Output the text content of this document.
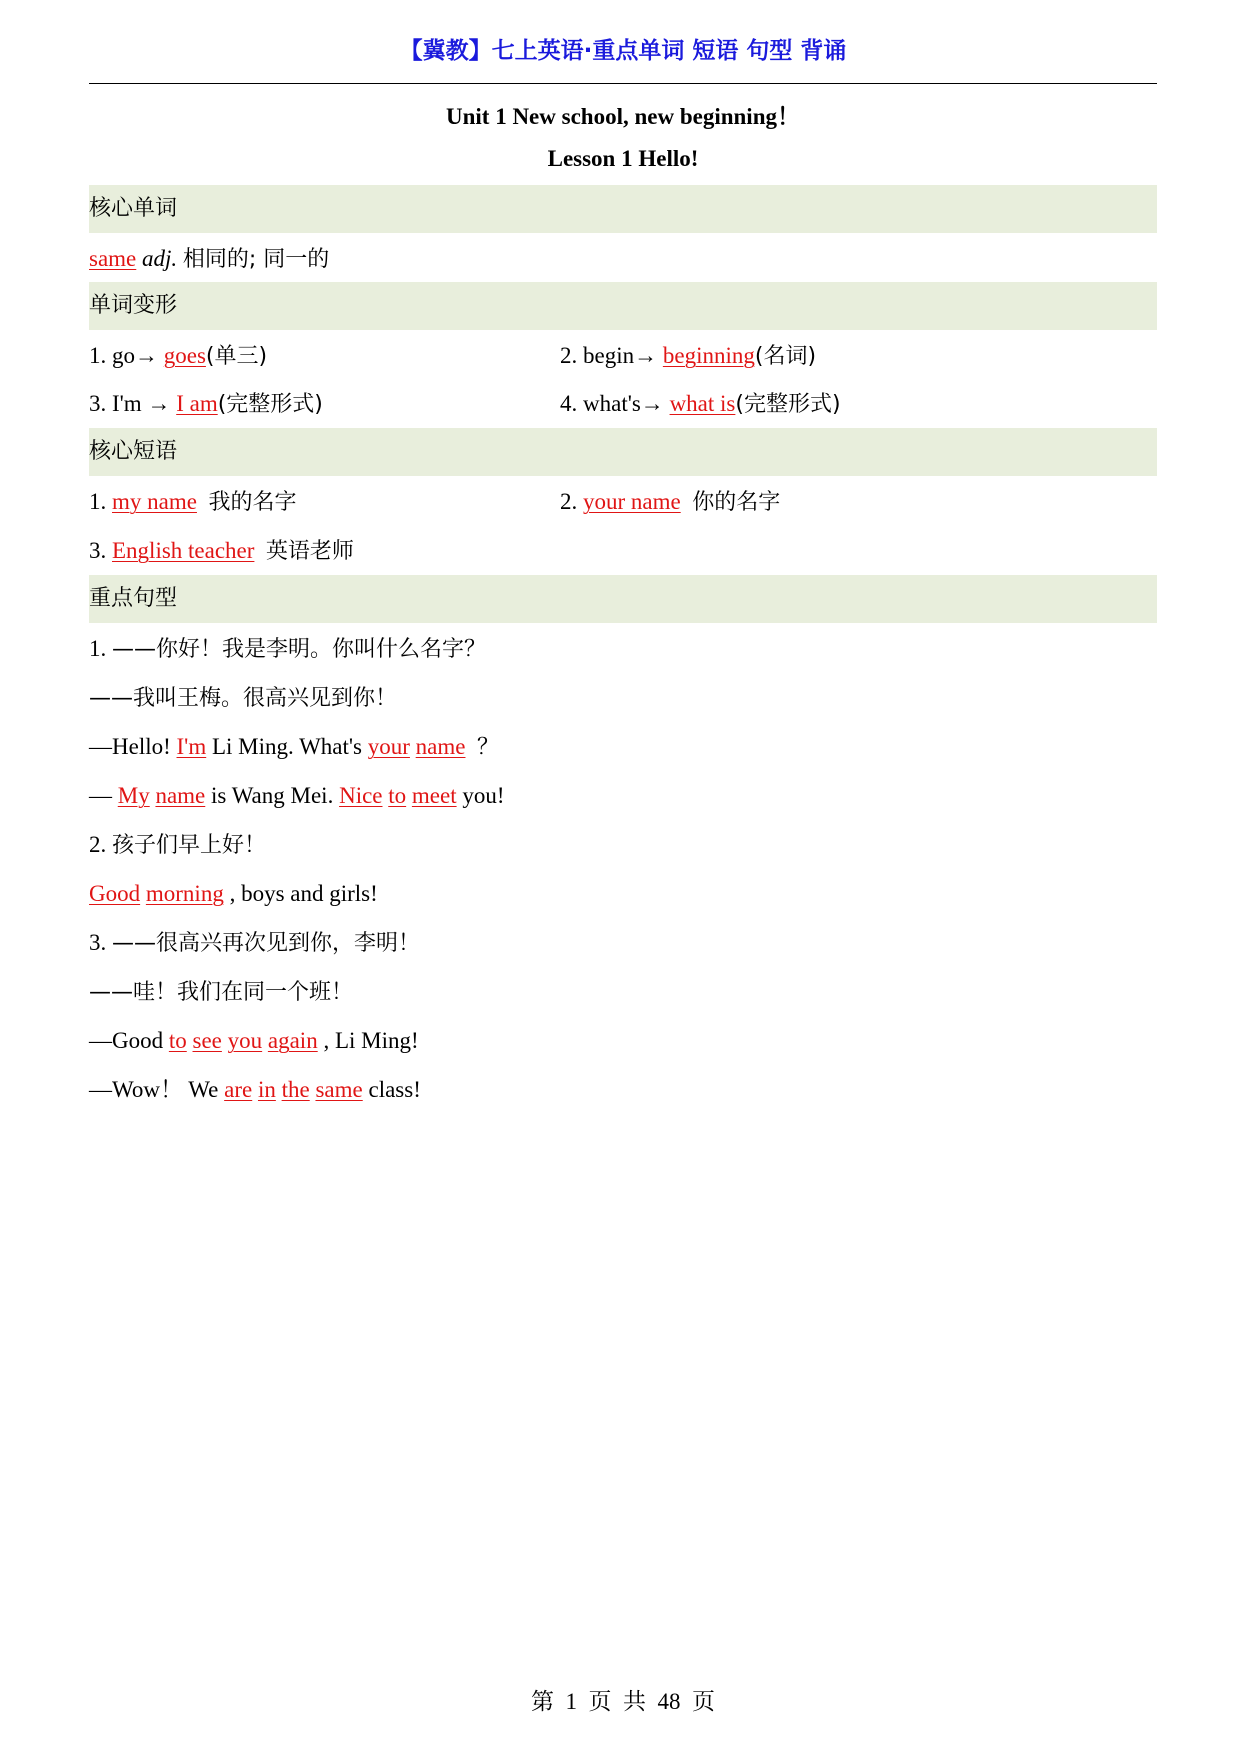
【冀教】七上英语·重点单词 短语 句型 背诵
Unit 1 New school, new beginning！
Lesson 1 Hello!
核心单词
same adj. 相同的; 同一的
单词变形
1. go→ goes(单三)	2. begin→ beginning(名词)
3. I'm → I am(完整形式)	4. what's→ what is(完整形式)
核心短语
1. my name 我的名字	2. your name 你的名字
3. English teacher 英语老师
重点句型
1. ——你好！我是李明。你叫什么名字？
——我叫王梅。很高兴见到你！
—Hello! I'm Li Ming. What's your name ？
— My name is Wang Mei. Nice to meet you!
2. 孩子们早上好！
Good morning , boys and girls!
3. ——很高兴再次见到你，李明！
——哇！我们在同一个班！
—Good to see you again , Li Ming!
—Wow！ We are in the same class!
第 1 页 共 48 页
